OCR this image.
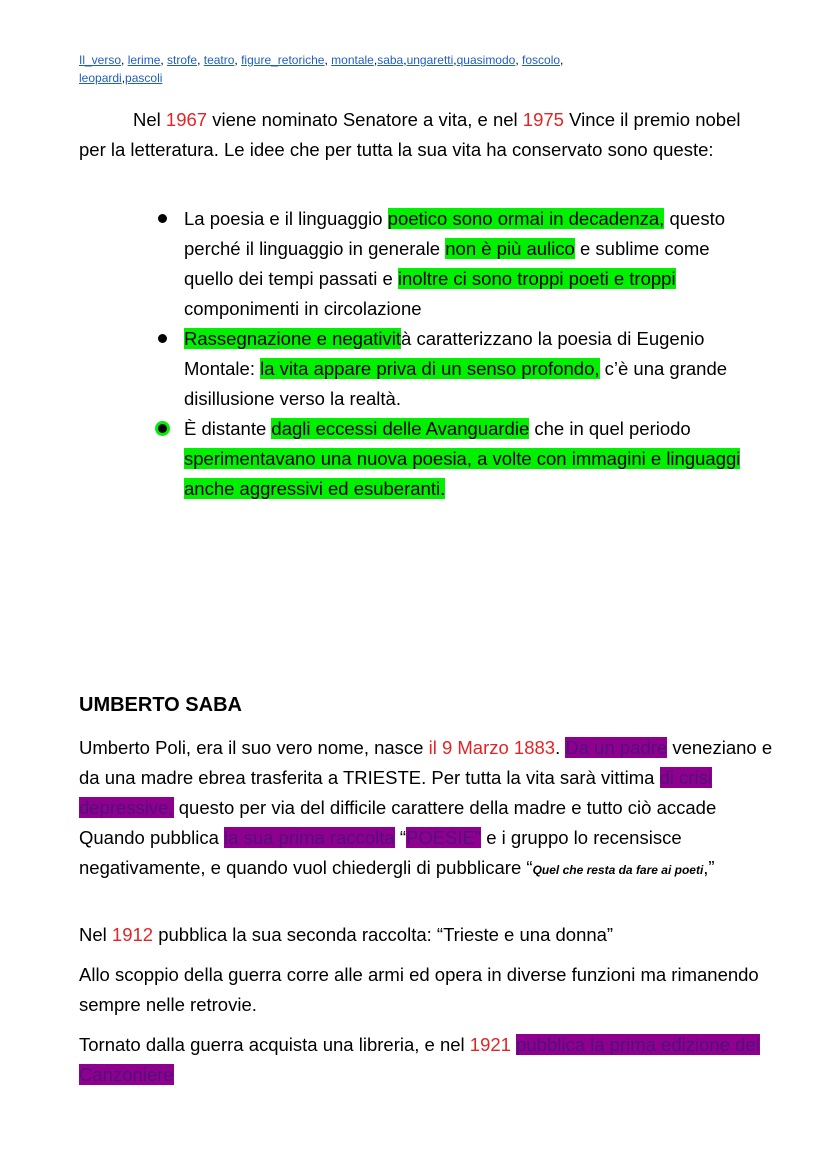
Il_verso, lerime, strofe, teatro, figure_retoriche, montale,saba,ungaretti,quasimodo, foscolo,
leopardi,pascoli

Nel 1967 viene nominato Senatore a vita, e nel 1975 Vince il premio nobel per la letteratura. Le idee che per tutta la sua vita ha conservato sono queste:

La poesia e il linguaggio poetico sono ormai in decadenza, questo perché il linguaggio in generale non è più aulico e sublime come quello dei tempi passati e inoltre ci sono troppi poeti e troppi componimenti in circolazione
Rassegnazione e negatività caratterizzano la poesia di Eugenio Montale: la vita appare priva di un senso profondo, c’è una grande disillusione verso la realtà.
È distante dagli eccessi delle Avanguardie che in quel periodo sperimentavano una nuova poesia, a volte con immagini e linguaggi anche aggressivi ed esuberanti.
UMBERTO SABA

Umberto Poli, era il suo vero nome, nasce il 9 Marzo 1883. Da un padre veneziano e da una madre ebrea trasferita a TRIESTE. Per tutta la vita sarà vittima di crisi depressive, questo per via del difficile carattere della madre e tutto ciò accade Quando pubblica la sua prima raccolta “POESIE” e i gruppo lo recensisce negativamente, e quando vuol chiedergli di pubblicare “Quel che resta da fare ai poeti,”

Nel 1912 pubblica la sua seconda raccolta: “Trieste e una donna”

Allo scoppio della guerra corre alle armi ed opera in diverse funzioni ma rimanendo sempre nelle retrovie.

Tornato dalla guerra acquista una libreria, e nel 1921 pubblica la prima edizione del Canzoniere
